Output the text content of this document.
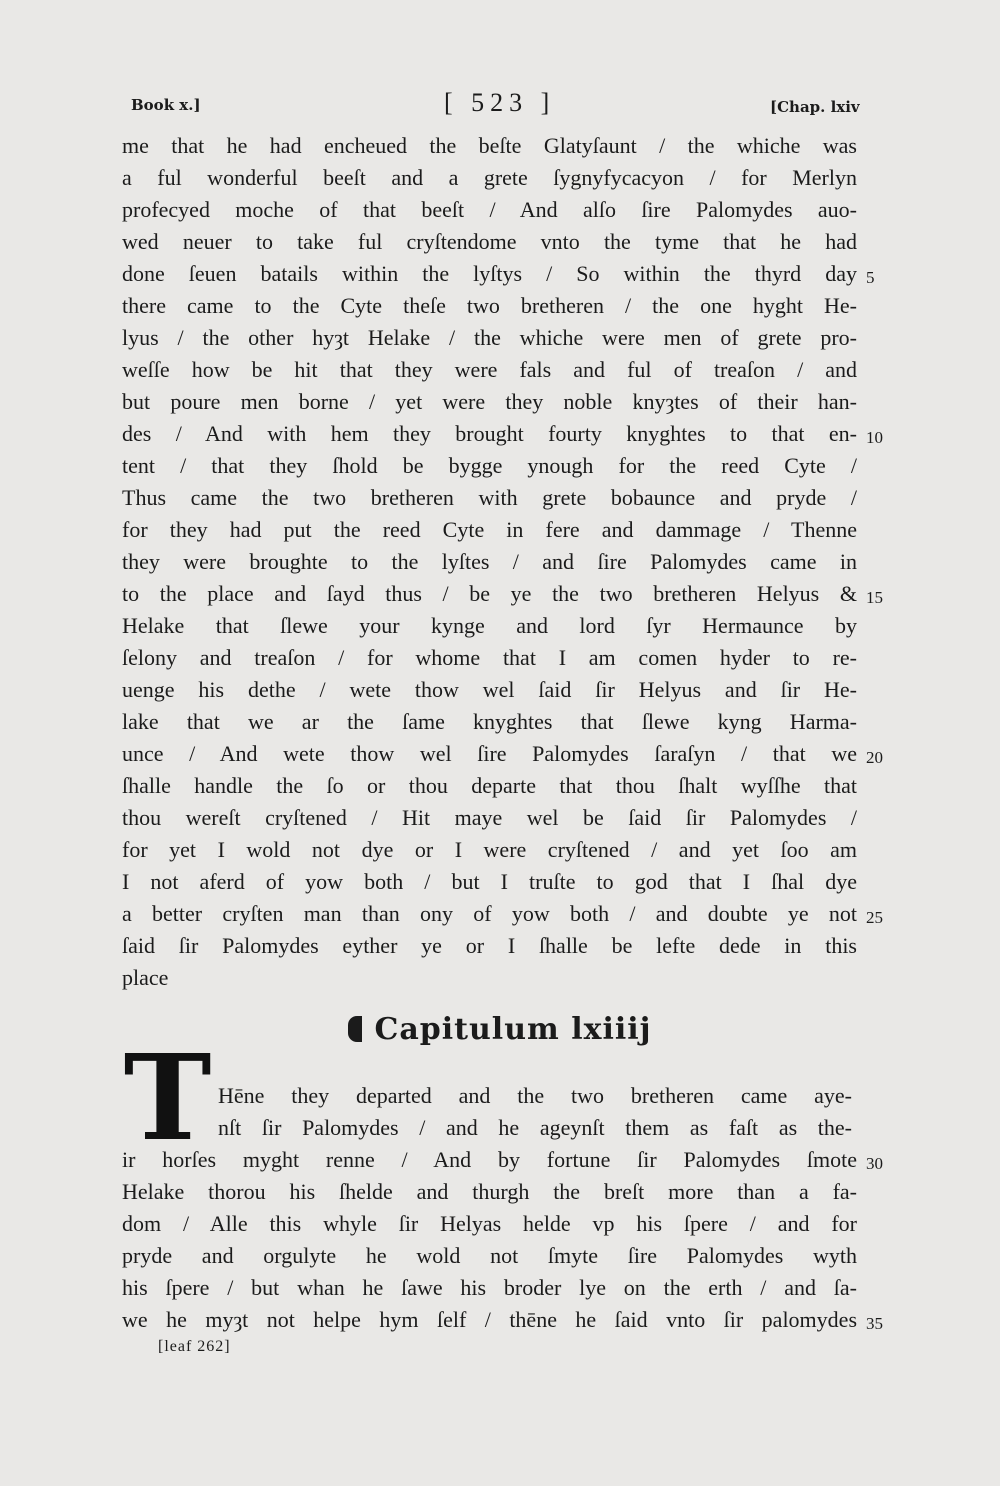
Book x.]	[ 523 ]	[Chap. lxiv
me that he had encheued the beſte Glatyſaunt / the whiche was
a ful wonderful beeſt and a grete ſygnyfycacyon / for Merlyn
profecyed moche of that beeſt / And alſo ſire Palomydes auo-
wed neuer to take ful cryſtendome vnto the tyme that he had
done ſeuen batails within the lyſtys / So within the thyrd day
there came to the Cyte theſe two bretheren / the one hyght He-
lyus / the other hyȝt Helake / the whiche were men of grete pro-
weſſe how be hit that they were fals and ful of treaſon / and
but poure men borne / yet were they noble knyȝtes of their han-
des / And with hem they brought fourty knyghtes to that en-
tent / that they ſhold be bygge ynough for the reed Cyte /
Thus came the two bretheren with grete bobaunce and pryde /
for they had put the reed Cyte in fere and dammage / Thenne
they were broughte to the lyſtes / and ſire Palomydes came in
to the place and ſayd thus / be ye the two bretheren Helyus &
Helake that ſlewe your kynge and lord ſyr Hermaunce by
ſelony and treaſon / for whome that I am comen hyder to re-
uenge his dethe / wete thow wel ſaid ſir Helyus and ſir He-
lake that we ar the ſame knyghtes that ſlewe kyng Harma-
unce / And wete thow wel ſire Palomydes ſaraſyn / that we
ſhalle handle the ſo or thou departe that thou ſhalt wyſſhe that
thou wereſt cryſtened / Hit maye wel be ſaid ſir Palomydes /
for yet I wold not dye or I were cryſtened / and yet ſoo am
I not aferd of yow both / but I truſte to god that I ſhal dye
a better cryſten man than ony of yow both / and doubte ye not
ſaid ſir Palomydes eyther ye or I ſhalle be lefte dede in this
place
Capitulum lxiiij
T Hēne they departed and the two bretheren came aye-
nſt ſir Palomydes / and he ageynſt them as faſt as the-
ir horſes myght renne / And by fortune ſir Palomydes ſmote
Helake thorou his ſhelde and thurgh the breſt more than a fa-
dom / Alle this whyle ſir Helyas helde vp his ſpere / and for
pryde and orgulyte he wold not ſmyte ſire Palomydes wyth
his ſpere / but whan he ſawe his broder lye on the erth / and ſa-
we he myȝt not helpe hym ſelf / thēne he ſaid vnto ſir palomydes
5
10
15
20
25
30
35
[leaf 262]
